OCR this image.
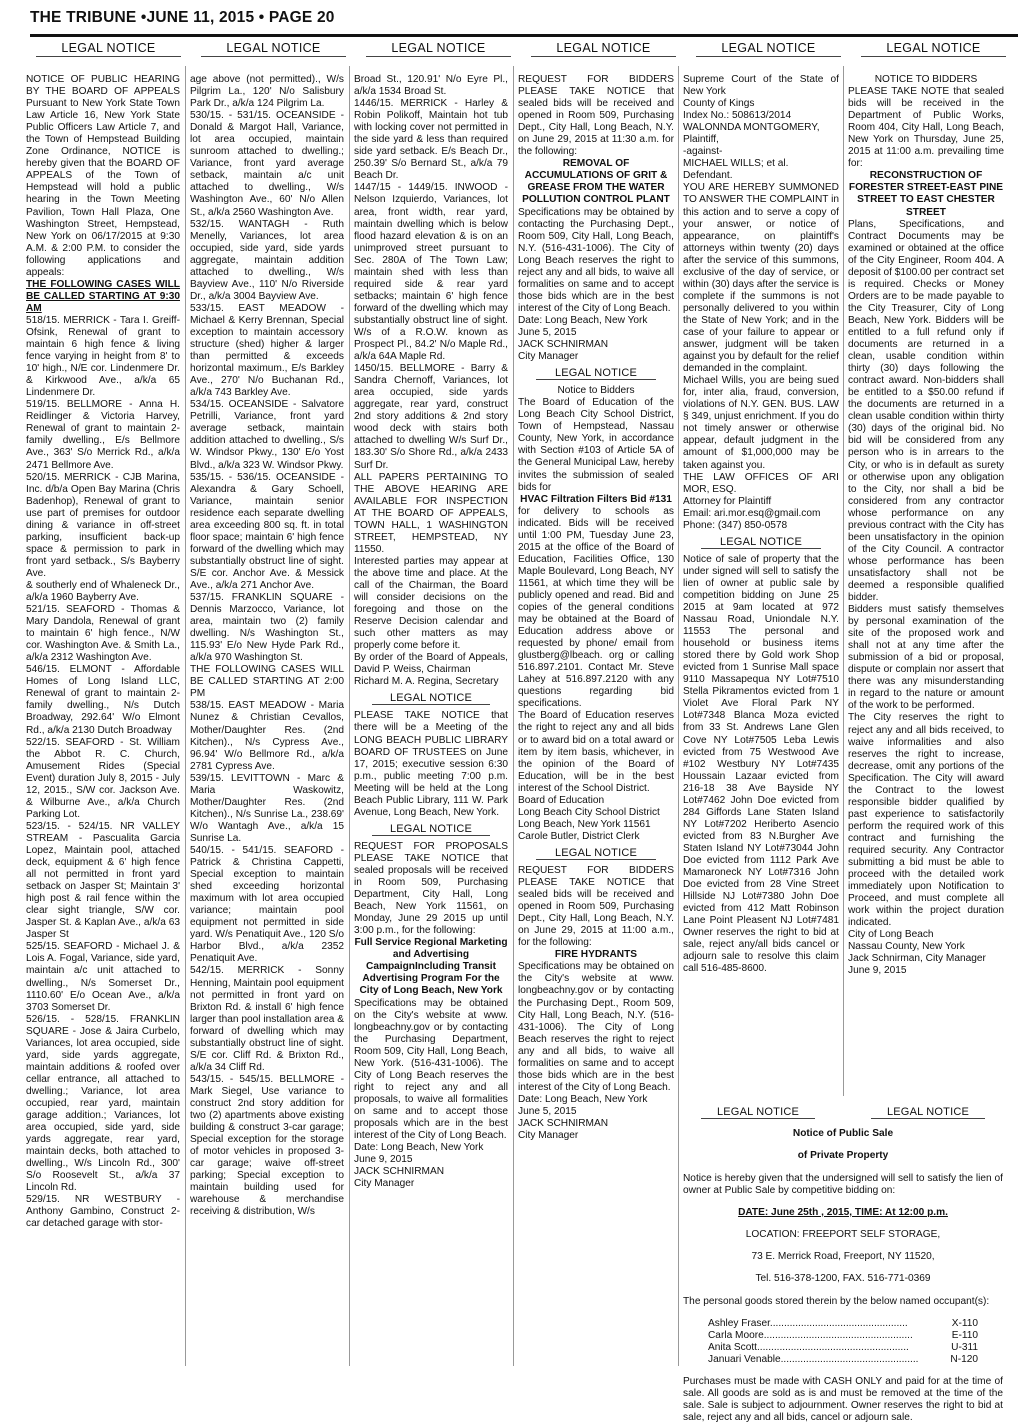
THE TRIBUNE •JUNE 11, 2015 • PAGE 20
LEGAL NOTICE	LEGAL NOTICE	LEGAL NOTICE	LEGAL NOTICE	LEGAL NOTICE	LEGAL NOTICE

NOTICE OF PUBLIC HEARING BY THE BOARD OF APPEALS Pursuant to New York State Town Law Article 16, New York State Public Officers Law Article 7, and the Town of Hempstead Building Zone Ordinance, NOTICE is hereby given that the BOARD OF APPEALS of the Town of Hempstead will hold a public hearing in the Town Meeting Pavilion, Town Hall Plaza, One Washington Street, Hempstead, New York on 06/17/2015 at 9:30 A.M. & 2:00 P.M. to consider the following applications and appeals:

THE FOLLOWING CASES WILL BE CALLED STARTING AT 9:30 AM

518/15. MERRICK - Tara I. Greiff-Ofsink, Renewal of grant to maintain 6 high fence & living fence varying in height from 8' to 10' high., N/E cor. Lindenmere Dr. & Kirkwood Ave., a/k/a 65 Lindenmere Dr.
519/15. BELLMORE - Anna H. Reidlinger & Victoria Harvey, Renewal of grant to maintain 2-family dwelling., E/s Bellmore Ave., 363' S/o Merrick Rd., a/k/a 2471 Bellmore Ave.
520/15. MERRICK - CJB Marina, Inc. d/b/a Open Bay Marina (Chris Badenhop), Renewal of grant to use part of premises for outdoor dining & variance in off-street parking, insufficient back-up space & permission to park in front yard setback., S/s Bayberry Ave.
& southerly end of Whaleneck Dr., a/k/a 1960 Bayberry Ave.
521/15. SEAFORD - Thomas & Mary Dandola, Renewal of grant to maintain 6' high fence., N/W cor. Washington Ave. & Smith La., a/k/a 2312 Washington Ave.
546/15. ELMONT - Affordable Homes of Long Island LLC, Renewal of grant to maintain 2-family dwelling., N/s Dutch Broadway, 292.64' W/o Elmont Rd., a/k/a 2130 Dutch Broadway
522/15. SEAFORD - St. William the Abbot R. C. Church, Amusement Rides (Special Event) duration July 8, 2015 - July 12, 2015., S/W cor. Jackson Ave. & Wilburne Ave., a/k/a Church Parking Lot.
523/15. - 524/15. NR VALLEY STREAM - Pascualita Garcia Lopez, Maintain pool, attached deck, equipment & 6' high fence all not permitted in front yard setback on Jasper St; Maintain 3' high post & rail fence within the clear sight triangle, S/W cor. Jasper St. & Kaplan Ave., a/k/a 63 Jasper St
525/15. SEAFORD - Michael J. & Lois A. Fogal, Variance, side yard, maintain a/c unit attached to dwelling., N/s Somerset Dr., 1110.60' E/o Ocean Ave., a/k/a 3703 Somerset Dr.
526/15. - 528/15. FRANKLIN SQUARE - Jose & Jaira Curbelo, Variances, lot area occupied, side yard, side yards aggregate, maintain additions & roofed over cellar entrance, all attached to dwelling.; Variance, lot area occupied, rear yard, maintain garage addition.; Variances, lot area occupied, side yard, side yards aggregate, rear yard, maintain decks, both attached to dwelling., W/s Lincoln Rd., 300' S/o Roosevelt St., a/k/a 37 Lincoln Rd.
529/15. NR WESTBURY - Anthony Gambino, Construct 2-car detached garage with stor-

age above (not permitted)., W/s Pilgrim La., 120' N/o Salisbury Park Dr., a/k/a 124 Pilgrim La.
530/15. - 531/15. OCEANSIDE - Donald & Margot Hall, Variance, lot area occupied, maintain sunroom attached to dwelling.; Variance, front yard average setback, maintain a/c unit attached to dwelling., W/s Washington Ave., 60' N/o Allen St., a/k/a 2560 Washington Ave.
532/15. WANTAGH - Ruth Menelly, Variances, lot area occupied, side yard, side yards aggregate, maintain addition attached to dwelling., W/s Bayview Ave., 110' N/o Riverside Dr., a/k/a 3004 Bayview Ave.
533/15. EAST MEADOW - Michael & Kerry Brennan, Special exception to maintain accessory structure (shed) higher & larger than permitted & exceeds horizontal maximum., E/s Barkley Ave., 270' N/o Buchanan Rd., a/k/a 743 Barkley Ave.
534/15. OCEANSIDE - Salvatore Petrilli, Variance, front yard average setback, maintain addition attached to dwelling., S/s W. Windsor Pkwy., 130' E/o Yost Blvd., a/k/a 323 W. Windsor Pkwy.
535/15. - 536/15. OCEANSIDE - Alexandra & Gary Schoell, Variance, maintain senior residence each separate dwelling area exceeding 800 sq. ft. in total floor space; maintain 6' high fence forward of the dwelling which may substantially obstruct line of sight. S/E cor. Anchor Ave. & Messick Ave., a/k/a 271 Anchor Ave.
537/15. FRANKLIN SQUARE - Dennis Marzocco, Variance, lot area, maintain two (2) family dwelling. N/s Washington St., 115.93' E/o New Hyde Park Rd., a/k/a 970 Washington St.
THE FOLLOWING CASES WILL BE CALLED STARTING AT 2:00 PM
538/15. EAST MEADOW - Maria Nunez & Christian Cevallos, Mother/Daughter Res. (2nd Kitchen)., N/s Cypress Ave., 96.94' W/o Bellmore Rd., a/k/a 2781 Cypress Ave.
539/15. LEVITTOWN - Marc & Maria Waskowitz, Mother/Daughter Res. (2nd Kitchen)., N/s Sunrise La., 238.69' W/o Wantagh Ave., a/k/a 15 Sunrise La.
540/15. - 541/15. SEAFORD - Patrick & Christina Cappetti, Special exception to maintain shed exceeding horizontal maximum with lot area occupied variance; maintain pool equipment not permitted in side yard. W/s Penatiquit Ave., 120 S/o Harbor Blvd., a/k/a 2352 Penatiquit Ave.
542/15. MERRICK - Sonny Henning, Maintain pool equipment not permitted in front yard on Brixton Rd. & install 6' high fence larger than pool installation area & forward of dwelling which may substantially obstruct line of sight. S/E cor. Cliff Rd. & Brixton Rd., a/k/a 34 Cliff Rd.
543/15. - 545/15. BELLMORE - Mark Siegel, Use variance to construct 2nd story addition for two (2) apartments above existing building & construct 3-car garage; Special exception for the storage of motor vehicles in proposed 3-car garage; waive off-street parking; Special exception to maintain building used for warehouse & merchandise receiving & distribution, W/s

Broad St., 120.91' N/o Eyre Pl., a/k/a 1534 Broad St.
1446/15. MERRICK - Harley & Robin Polikoff, Maintain hot tub with locking cover not permitted in the side yard & less than required side yard setback. E/s Beach Dr., 250.39' S/o Bernard St., a/k/a 79 Beach Dr.
1447/15 - 1449/15. INWOOD - Nelson Izquierdo, Variances, lot area, front width, rear yard, maintain dwelling which is below flood hazard elevation & is on an unimproved street pursuant to Sec. 280A of The Town Law; maintain shed with less than required side & rear yard setbacks; maintain 6' high fence forward of the dwelling which may substantially obstruct line of sight. W/s of a R.O.W. known as Prospect Pl., 84.2' N/o Maple Rd., a/k/a 64A Maple Rd.
1450/15. BELLMORE - Barry & Sandra Chernoff, Variances, lot area occupied, side yards aggregate, rear yard, construct 2nd story additions & 2nd story wood deck with stairs both attached to dwelling W/s Surf Dr., 183.30' S/o Shore Rd., a/k/a 2433 Surf Dr.
ALL PAPERS PERTAINING TO THE ABOVE HEARING ARE AVAILABLE FOR INSPECTION AT THE BOARD OF APPEALS, TOWN HALL, 1 WASHINGTON STREET, HEMPSTEAD, NY 11550.
Interested parties may appear at the above time and place. At the call of the Chairman, the Board will consider decisions on the foregoing and those on the Reserve Decision calendar and such other matters as may properly come before it.
By order of the Board of Appeals, David P. Weiss, Chairman
Richard M. A. Regina, Secretary

LEGAL NOTICE

PLEASE TAKE NOTICE that there will be a Meeting of the LONG BEACH PUBLIC LIBRARY BOARD OF TRUSTEES on June 17, 2015; executive session 6:30 p.m., public meeting 7:00 p.m. Meeting will be held at the Long Beach Public Library, 111 W. Park Avenue, Long Beach, New York.

LEGAL NOTICE

REQUEST FOR PROPOSALS PLEASE TAKE NOTICE that sealed proposals will be received in Room 509, Purchasing Department, City Hall, Long Beach, New York 11561, on Monday, June 29 2015 up until 3:00 p.m., for the following:

Full Service Regional Marketing and Advertising CampaignIncluding Transit Advertising Program For the City of Long Beach, New York

Specifications may be obtained on the City's website at www. longbeachny.gov or by contacting the Purchasing Department, Room 509, City Hall, Long Beach, New York. (516-431-1006). The City of Long Beach reserves the right to reject any and all proposals, to waive all formalities on same and to accept those proposals which are in the best interest of the City of Long Beach.
Date: Long Beach, New York
June 9, 2015
JACK SCHNIRMAN
City Manager

REQUEST FOR BIDDERS PLEASE TAKE NOTICE that sealed bids will be received and opened in Room 509, Purchasing Dept., City Hall, Long Beach, N.Y. on June 29, 2015 at 11:30 a.m. for the following:

REMOVAL OF ACCUMULATIONS OF GRIT & GREASE FROM THE WATER POLLUTION CONTROL PLANT

Specifications may be obtained by contacting the Purchasing Dept., Room 509, City Hall, Long Beach, N.Y. (516-431-1006). The City of Long Beach reserves the right to reject any and all bids, to waive all formalities on same and to accept those bids which are in the best interest of the City of Long Beach.
Date: Long Beach, New York
June 5, 2015
JACK SCHNIRMAN
City Manager

LEGAL NOTICE

Notice to Bidders

The Board of Education of the Long Beach City School District, Town of Hempstead, Nassau County, New York, in accordance with Section #103 of Article 5A of the General Municipal Law, hereby invites the submission of sealed bids for

HVAC Filtration Filters Bid #131

for delivery to schools as indicated. Bids will be received until 1:00 PM, Tuesday June 23, 2015 at the office of the Board of Education, Facilities Office, 130 Maple Boulevard, Long Beach, NY 11561, at which time they will be publicly opened and read. Bid and copies of the general conditions may be obtained at the Board of Education address above or requested by phone/ email from glustberg@lbeach. org or calling 516.897.2101. Contact Mr. Steve Lahey at 516.897.2120 with any questions regarding bid specifications.
The Board of Education reserves the right to reject any and all bids or to award bid on a total award or item by item basis, whichever, in the opinion of the Board of Education, will be in the best interest of the School District.
Board of Education
Long Beach City School District
Long Beach, New York 11561
Carole Butler, District Clerk

LEGAL NOTICE

REQUEST FOR BIDDERS PLEASE TAKE NOTICE that sealed bids will be received and opened in Room 509, Purchasing Dept., City Hall, Long Beach, N.Y. on June 29, 2015 at 11:00 a.m., for the following:

FIRE HYDRANTS

Specifications may be obtained on the City's website at www. longbeachny.gov or by contacting the Purchasing Dept., Room 509, City Hall, Long Beach, N.Y. (516-431-1006). The City of Long Beach reserves the right to reject any and all bids, to waive all formalities on same and to accept those bids which are in the best interest of the City of Long Beach.
Date: Long Beach, New York
June 5, 2015
JACK SCHNIRMAN
City Manager

Supreme Court of the State of New York
County of Kings
Index No.: 508613/2014
WALONNDA MONTGOMERY,
Plaintiff,
-against-
MICHAEL WILLS; et al.
Defendant.
YOU ARE HEREBY SUMMONED TO ANSWER THE COMPLAINT in this action and to serve a copy of your answer, or notice of appearance, on plaintiff's attorneys within twenty (20) days after the service of this summons, exclusive of the day of service, or within (30) days after the service is complete if the summons is not personally delivered to you within the State of New York; and in the case of your failure to appear or answer, judgment will be taken against you by default for the relief demanded in the complaint.
Michael Wills, you are being sued for, inter alia, fraud, conversion, violations of N.Y. GEN. BUS. LAW § 349, unjust enrichment. If you do not timely answer or otherwise appear, default judgment in the amount of $1,000,000 may be taken against you.
THE LAW OFFICES OF ARI MOR, ESQ.
Attorney for Plaintiff
Email: ari.mor.esq@gmail.com
Phone: (347) 850-0578

LEGAL NOTICE

Notice of sale of property that the under signed will sell to satisfy the lien of owner at public sale by competition bidding on June 25 2015 at 9am located at 972 Nassau Road, Uniondale N.Y. 11553 The personal and household or business items stored there by Gold work Shop evicted from 1 Sunrise Mall space 9110 Massapequa NY Lot#7510 Stella Pikramentos evicted from 1 Violet Ave Floral Park NY Lot#7348 Blanca Moza evicted from 33 St. Andrews Lane Glen Cove NY Lot#7505 Leba Lewis evicted from 75 Westwood Ave #102 Westbury NY Lot#7435 Houssain Lazaar evicted from 216-18 38 Ave Bayside NY Lot#7462 John Doe evicted from 284 Giffords Lane Staten Island NY Lot#7202 Heriberto Asencio evicted from 83 N.Burgher Ave Staten Island NY Lot#73044 John Doe evicted from 1112 Park Ave Mamaroneck NY Lot#7316 John Doe evicted from 28 Vine Street Hillside NJ Lot#7380 John Doe evicted from 412 Matt Robinson Lane Point Pleasent NJ Lot#7481 Owner reserves the right to bid at sale, reject any/all bids cancel or adjourn sale to resolve this claim call 516-485-8600.

NOTICE TO BIDDERS

PLEASE TAKE NOTE that sealed bids will be received in the Department of Public Works, Room 404, City Hall, Long Beach, New York on Thursday, June 25, 2015 at 11:00 a.m. prevailing time for:

RECONSTRUCTION OF FORESTER STREET-EAST PINE STREET TO EAST CHESTER STREET

Plans, Specifications, and Contract Documents may be examined or obtained at the office of the City Engineer, Room 404. A deposit of $100.00 per contract set is required. Checks or Money Orders are to be made payable to the City Treasurer, City of Long Beach, New York. Bidders will be entitled to a full refund only if documents are returned in a clean, usable condition within thirty (30) days following the contract award. Non-bidders shall be entitled to a $50.00 refund if the documents are returned in a clean usable condition within thirty (30) days of the original bid. No bid will be considered from any person who is in arrears to the City, or who is in default as surety or otherwise upon any obligation to the City, nor shall a bid be considered from any contractor whose performance on any previous contract with the City has been unsatisfactory in the opinion of the City Council. A contractor whose performance has been unsatisfactory shall not be deemed a responsible qualified bidder.
Bidders must satisfy themselves by personal examination of the site of the proposed work and shall not at any time after the submission of a bid or proposal, dispute or complain nor assert that there was any misunderstanding in regard to the nature or amount of the work to be performed.
The City reserves the right to reject any and all bids received, to waive informalities and also reserves the right to increase, decrease, omit any portions of the Specification. The City will award the Contract to the lowest responsible bidder qualified by past experience to satisfactorily perform the required work of this contract and furnishing the required security. Any Contractor submitting a bid must be able to proceed with the detailed work immediately upon Notification to Proceed, and must complete all work within the project duration indicated.
City of Long Beach
Nassau County, New York
Jack Schnirman, City Manager
June 9, 2015

LEGAL NOTICE	LEGAL NOTICE

Notice of Public Sale

of Private Property

Notice is hereby given that the undersigned will sell to satisfy the lien of owner at Public Sale by competitive bidding on:

DATE: June 25th , 2015, TIME: At 12:00 p.m.

LOCATION: FREEPORT SELF STORAGE,

73 E. Merrick Road, Freeport, NY 11520,

Tel. 516-378-1200, FAX. 516-771-0369

The personal goods stored therein by the below named occupant(s):

Ashley Fraser.................................................	X-110
Carla Moore.....................................................	E-110
Anita Scott......................................................	U-311
Januari Venable.................................................	N-120

Purchases must be made with CASH ONLY and paid for at the time of sale. All goods are sold as is and must be removed at the time of the sale. Sale is subject to adjournment. Owner reserves the right to bid at sale, reject any and all bids, cancel or adjourn sale.
